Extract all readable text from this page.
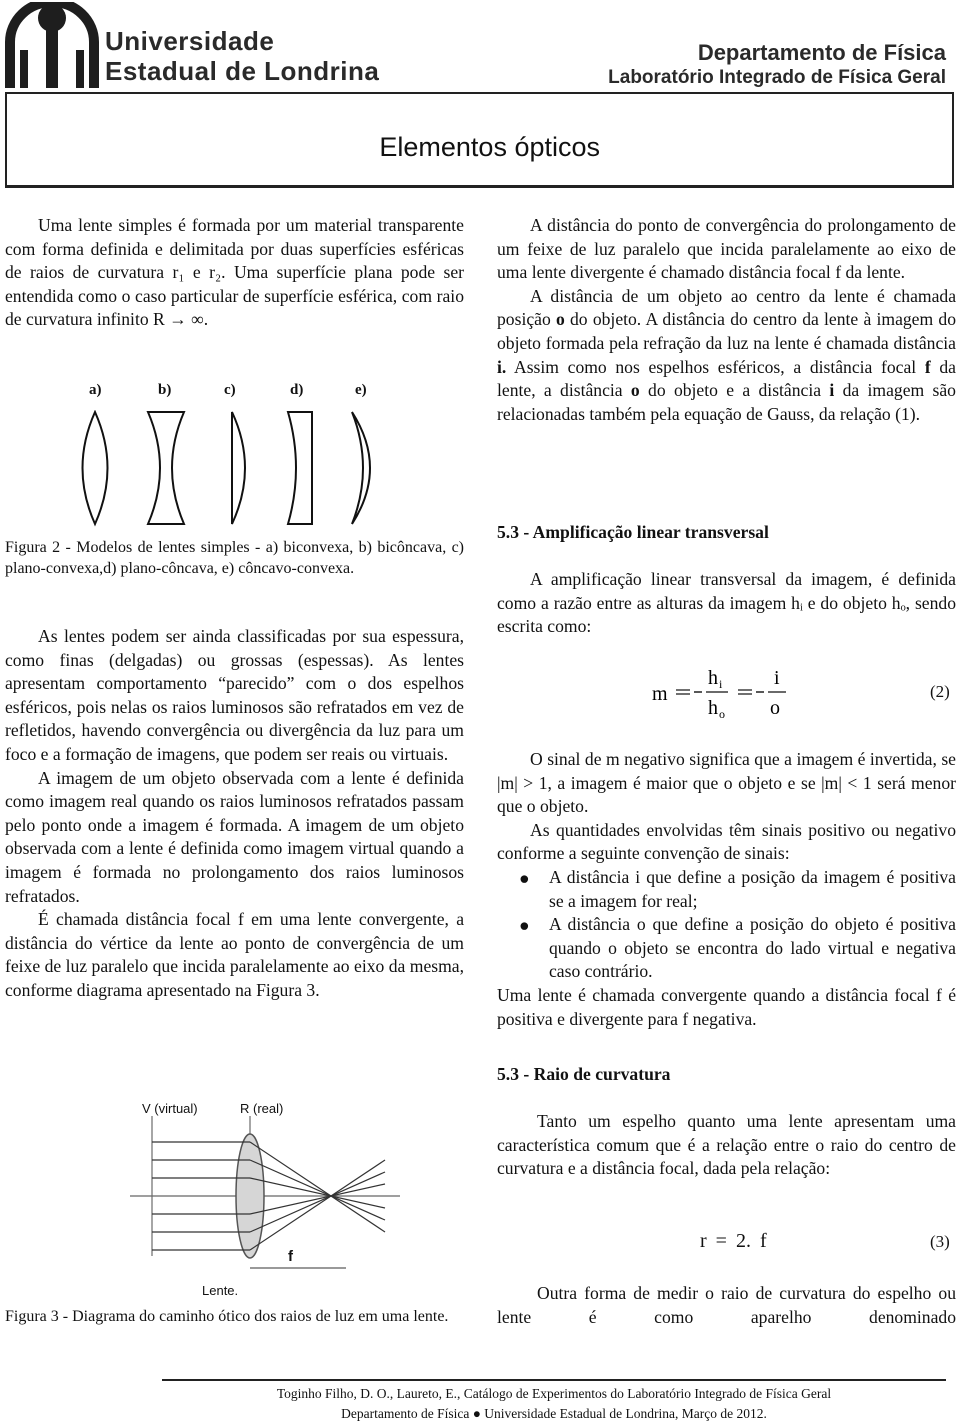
Universidade
Estadual de Londrina
Departamento de Física
Laboratório Integrado de Física Geral
Elementos ópticos

Uma lente simples é formada por um material transparente com forma definida e delimitada por duas superfícies esféricas de raios de curvatura r₁ e r₂. Uma superfície plana pode ser entendida como o caso particular de superfície esférica, com raio de curvatura infinito R → ∞.

a)	b)	c)	d)	e)

Figura 2 - Modelos de lentes simples - a) biconvexa, b) bicôncava, c) plano-convexa,d) plano-côncava, e) côncavo-convexa.

As lentes podem ser ainda classificadas por sua espessura, como finas (delgadas) ou grossas (espessas). As lentes apresentam comportamento “parecido” com o dos espelhos esféricos, pois nelas os raios luminosos são refratados em vez de refletidos, havendo convergência ou divergência da luz para um foco e a formação de imagens, que podem ser reais ou virtuais.

A imagem de um objeto observada com a lente é definida como imagem real quando os raios luminosos refratados passam pelo ponto onde a imagem é formada. A imagem de um objeto observada com a lente é definida como imagem virtual quando a imagem é formada no prolongamento dos raios luminosos refratados.

É chamada distância focal f em uma lente convergente, a distância do vértice da lente ao ponto de convergência de um feixe de luz paralelo que incida paralelamente ao eixo da mesma, conforme diagrama apresentado na Figura 3.

V (virtual)	R (real)
f
Lente.

Figura 3 - Diagrama do caminho ótico dos raios de luz em uma lente.

A distância do ponto de convergência do prolongamento de um feixe de luz paralelo que incida paralelamente ao eixo de uma lente divergente é chamado distância focal f da lente.

A distância de um objeto ao centro da lente é chamada posição o do objeto. A distância do centro da lente à imagem do objeto formada pela refração da luz na lente é chamada distância i. Assim como nos espelhos esféricos, a distância focal f da lente, a distância o do objeto e a distância i da imagem são relacionadas também pela equação de Gauss, da relação (1).

5.3 - Amplificação linear transversal

A amplificação linear transversal da imagem, é definida como a razão entre as alturas da imagem hᵢ e do objeto hₒ, sendo escrita como:

m
h i
h o
i
o
(2)

O sinal de m negativo significa que a imagem é invertida, se |m| > 1, a imagem é maior que o objeto e se |m| < 1 será menor que o objeto.

As quantidades envolvidas têm sinais positivo ou negativo conforme a seguinte convenção de sinais:

● A distância i que define a posição da imagem é positiva se a imagem for real;
● A distância o que define a posição do objeto é positiva quando o objeto se encontra do lado virtual e negativa caso contrário.

Uma lente é chamada convergente quando a distância focal f é positiva e divergente para f negativa.

5.3 - Raio de curvatura

Tanto um espelho quanto uma lente apresentam uma característica comum que é a relação entre o raio do centro de curvatura e a distância focal, dada pela relação:

r = 2. f	(3)

Outra forma de medir o raio de curvatura do espelho ou lente é como aparelho denominado

Toginho Filho, D. O., Laureto, E., Catálogo de Experimentos do Laboratório Integrado de Física Geral
Departamento de Física ● Universidade Estadual de Londrina, Março de 2012.
